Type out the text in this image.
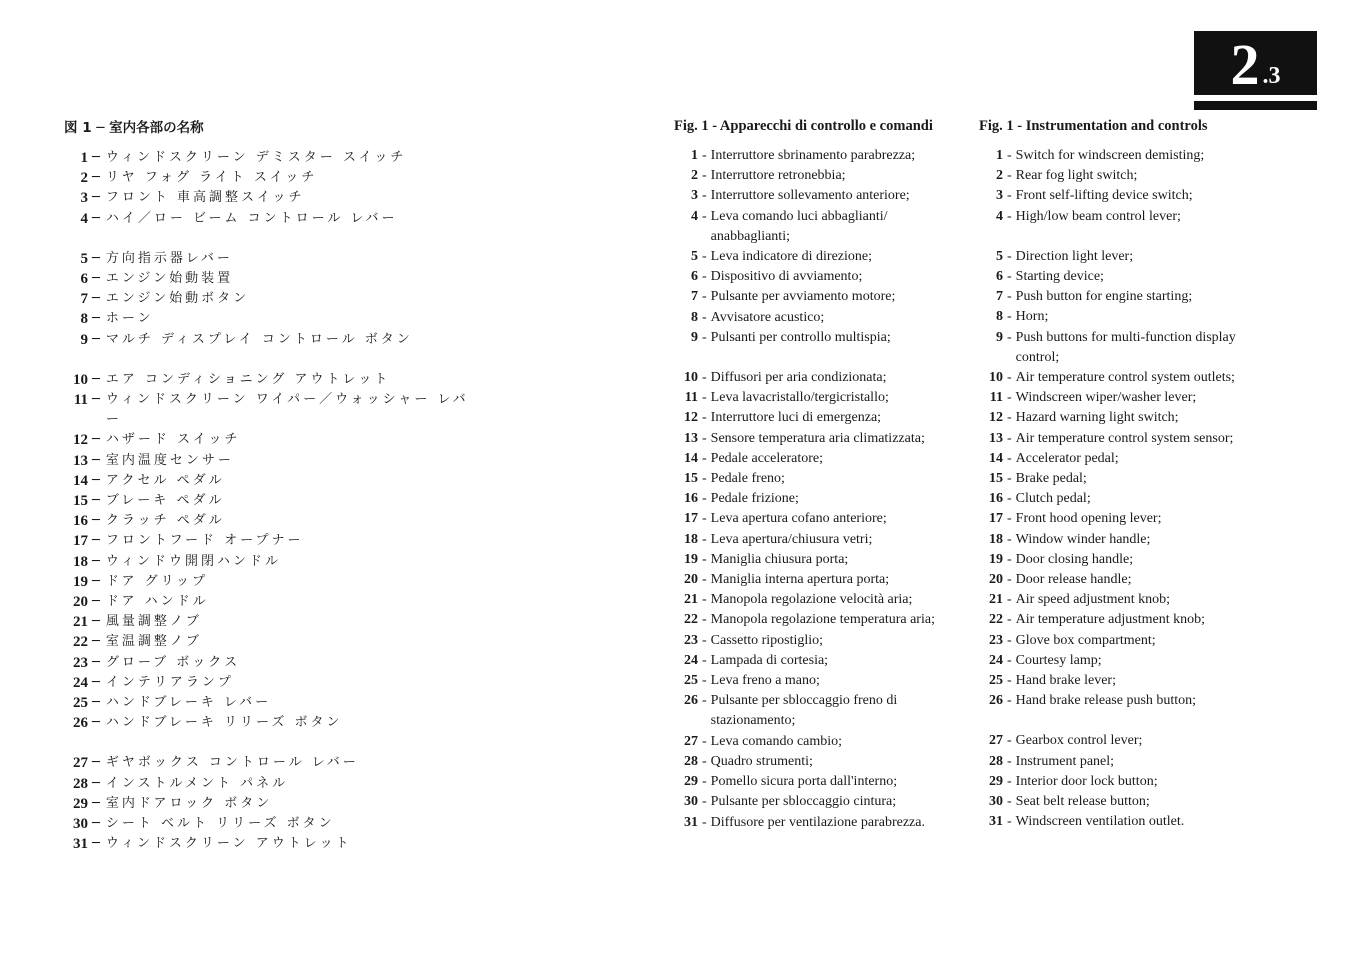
2 .3
図 1 ─ 室内各部の名称
1 ─ ウィンドスクリーン デミスター スイッチ
2 ─ リヤ フォグ ライト スイッチ
3 ─ フロント 車高調整スイッチ
4 ─ ハイ／ロー ビーム コントロール レバー
5 ─ 方向指示器レバー
6 ─ エンジン始動装置
7 ─ エンジン始動ボタン
8 ─ ホーン
9 ─ マルチ ディスプレイ コントロール ボタン
10 ─ エア コンディショニング アウトレット
11 ─ ウィンドスクリーン ワイパー／ウォッシャー レバー
12 ─ ハザード スイッチ
13 ─ 室内温度センサー
14 ─ アクセル ペダル
15 ─ ブレーキ ペダル
16 ─ クラッチ ペダル
17 ─ フロントフード オープナー
18 ─ ウィンドウ開閉ハンドル
19 ─ ドア グリップ
20 ─ ドア ハンドル
21 ─ 風量調整ノブ
22 ─ 室温調整ノブ
23 ─ グローブ ボックス
24 ─ インテリアランプ
25 ─ ハンドブレーキ レバー
26 ─ ハンドブレーキ リリーズ ボタン
27 ─ ギヤボックス コントロール レバー
28 ─ インストルメント パネル
29 ─ 室内ドアロック ボタン
30 ─ シート ベルト リリーズ ボタン
31 ─ ウィンドスクリーン アウトレット
Fig. 1 - Apparecchi di controllo e comandi
1 - Interruttore sbrinamento parabrezza;
2 - Interruttore retronebbia;
3 - Interruttore sollevamento anteriore;
4 - Leva comando luci abbaglianti/ anabbaglianti;
5 - Leva indicatore di direzione;
6 - Dispositivo di avviamento;
7 - Pulsante per avviamento motore;
8 - Avvisatore acustico;
9 - Pulsanti per controllo multispia;
10 - Diffusori per aria condizionata;
11 - Leva lavacristallo/tergicristallo;
12 - Interruttore luci di emergenza;
13 - Sensore temperatura aria climatizzata;
14 - Pedale acceleratore;
15 - Pedale freno;
16 - Pedale frizione;
17 - Leva apertura cofano anteriore;
18 - Leva apertura/chiusura vetri;
19 - Maniglia chiusura porta;
20 - Maniglia interna apertura porta;
21 - Manopola regolazione velocità aria;
22 - Manopola regolazione temperatura aria;
23 - Cassetto ripostiglio;
24 - Lampada di cortesia;
25 - Leva freno a mano;
26 - Pulsante per sbloccaggio freno di stazionamento;
27 - Leva comando cambio;
28 - Quadro strumenti;
29 - Pomello sicura porta dall'interno;
30 - Pulsante per sbloccaggio cintura;
31 - Diffusore per ventilazione parabrezza.
Fig. 1 - Instrumentation and controls
1 - Switch for windscreen demisting;
2 - Rear fog light switch;
3 - Front self-lifting device switch;
4 - High/low beam control lever;
5 - Direction light lever;
6 - Starting device;
7 - Push button for engine starting;
8 - Horn;
9 - Push buttons for multi-function display control;
10 - Air temperature control system outlets;
11 - Windscreen wiper/washer lever;
12 - Hazard warning light switch;
13 - Air temperature control system sensor;
14 - Accelerator pedal;
15 - Brake pedal;
16 - Clutch pedal;
17 - Front hood opening lever;
18 - Window winder handle;
19 - Door closing handle;
20 - Door release handle;
21 - Air speed adjustment knob;
22 - Air temperature adjustment knob;
23 - Glove box compartment;
24 - Courtesy lamp;
25 - Hand brake lever;
26 - Hand brake release push button;
27 - Gearbox control lever;
28 - Instrument panel;
29 - Interior door lock button;
30 - Seat belt release button;
31 - Windscreen ventilation outlet.
